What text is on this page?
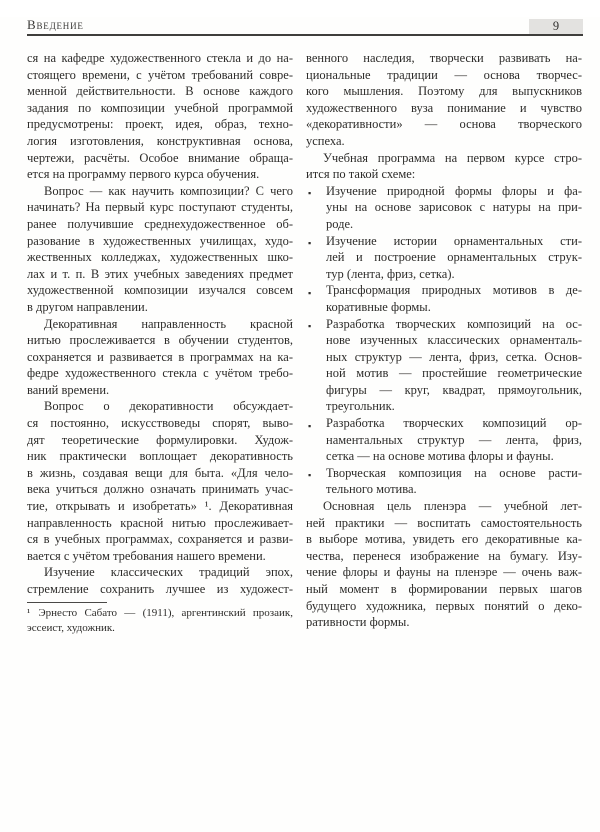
Введение	9
ся на кафедре художественного стекла и до на-
стоящего времени, с учётом требований совре-
менной действительности. В основе каждого
задания по композиции учебной программой
предусмотрены: проект, идея, образ, техно-
логия изготовления, конструктивная основа,
чертежи, расчёты. Особое внимание обраща-
ется на программу первого курса обучения.
Вопрос — как научить композиции? С чего
начинать? На первый курс поступают студенты,
ранее получившие среднехудожественное об-
разование в художественных училищах, худо-
жественных колледжах, художественных шко-
лах и т. п. В этих учебных заведениях предмет
художественной композиции изучался совсем
в другом направлении.
Декоративная направленность красной
нитью прослеживается в обучении студентов,
сохраняется и развивается в программах на ка-
федре художественного стекла с учётом требо-
ваний времени.
Вопрос о декоративности обсуждает-
ся постоянно, искусствоведы спорят, выво-
дят теоретические формулировки. Худож-
ник практически воплощает декоративность
в жизнь, создавая вещи для быта. «Для чело-
века учиться должно означать принимать учас-
тие, открывать и изобретать» ¹. Декоративная
направленность красной нитью прослеживает-
ся в учебных программах, сохраняется и разви-
вается с учётом требования нашего времени.
Изучение классических традиций эпох,
стремление сохранить лучшее из художест-
¹ Эрнесто Сабато — (1911), аргентинский прозаик,
эссеист, художник.
венного наследия, творчески развивать на-
циональные традиции — основа творчес-
кого мышления. Поэтому для выпускников
художественного вуза понимание и чувство
«декоративности» — основа творческого
успеха.
Учебная программа на первом курсе стро-
ится по такой схеме:
▪	Изучение природной формы флоры и фа-
уны на основе зарисовок с натуры на при-
роде.
▪	Изучение истории орнаментальных сти-
лей и построение орнаментальных струк-
тур (лента, фриз, сетка).
▪	Трансформация природных мотивов в де-
коративные формы.
▪	Разработка творческих композиций на ос-
нове изученных классических орнаменталь-
ных структур — лента, фриз, сетка. Основ-
ной мотив — простейшие геометрические
фигуры — круг, квадрат, прямоугольник,
треугольник.
▪	Разработка творческих композиций ор-
наментальных структур — лента, фриз,
сетка — на основе мотива флоры и фауны.
▪	Творческая композиция на основе расти-
тельного мотива.
Основная цель пленэра — учебной лет-
ней практики — воспитать самостоятельность
в выборе мотива, увидеть его декоративные ка-
чества, перенеся изображение на бумагу. Изу-
чение флоры и фауны на пленэре — очень важ-
ный момент в формировании первых шагов
будущего художника, первых понятий о деко-
ративности формы.
